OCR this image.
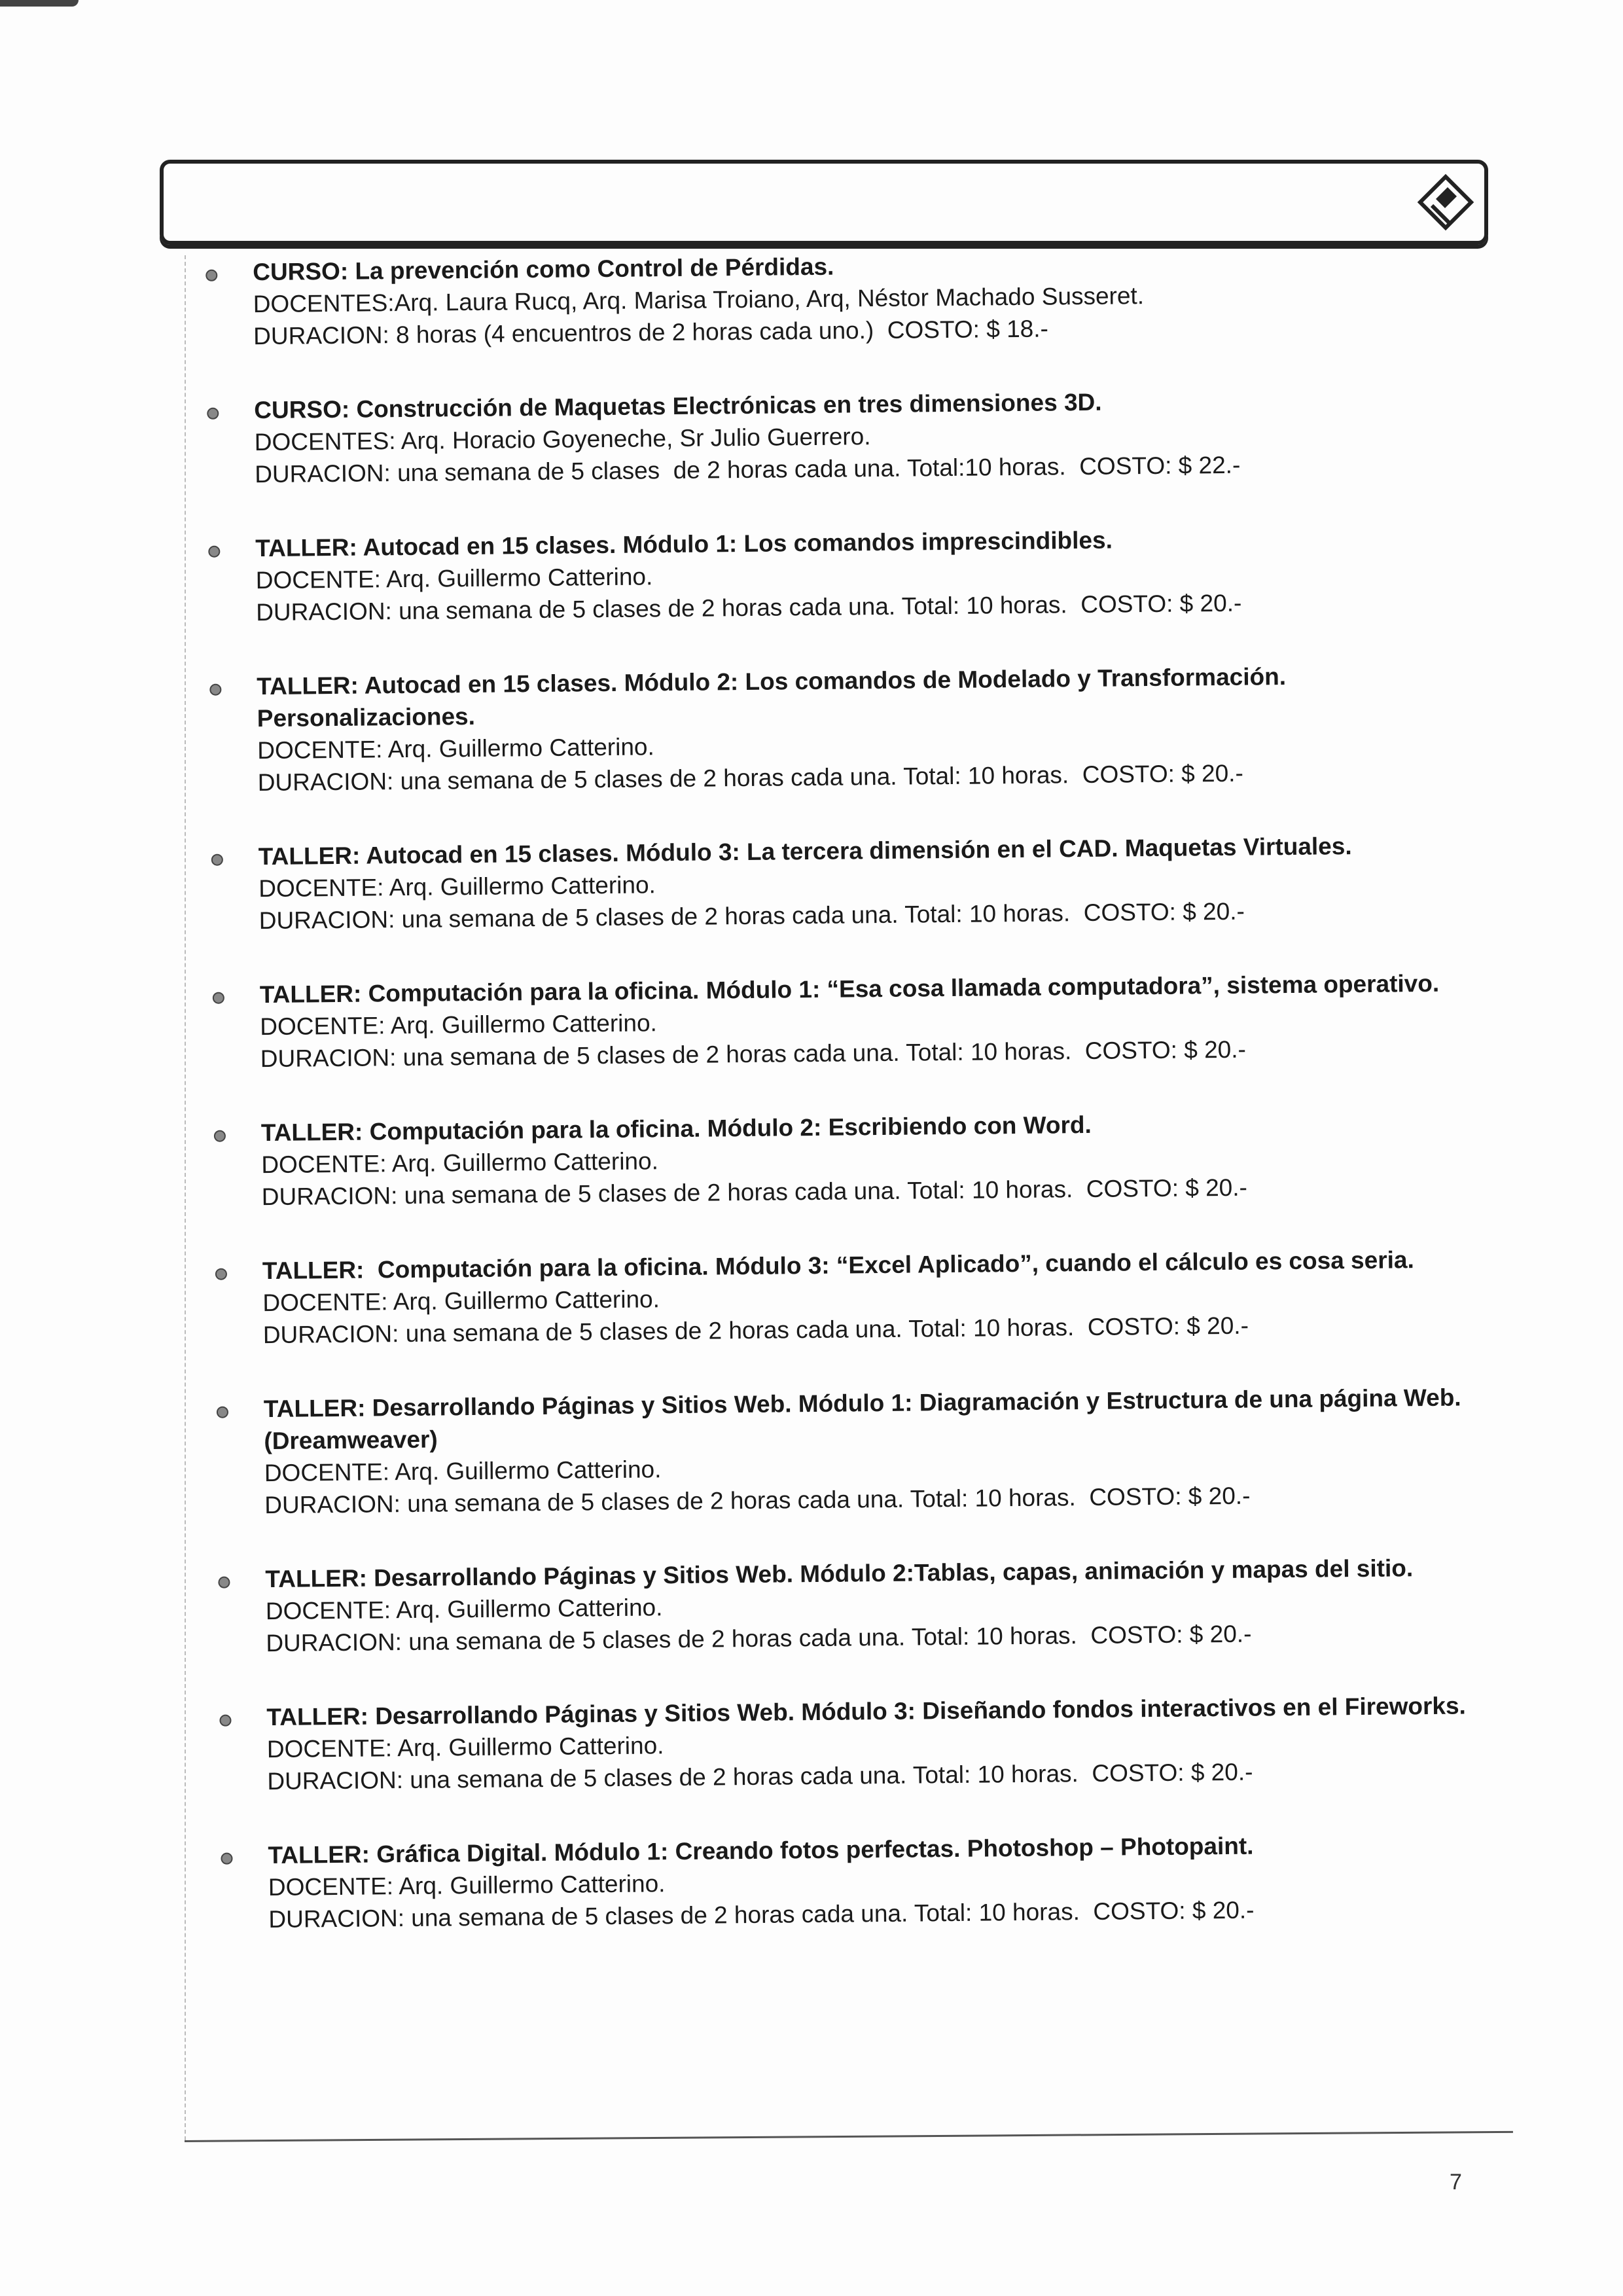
CURSO: La prevención como Control de Pérdidas.
DOCENTES:Arq. Laura Rucq, Arq. Marisa Troiano, Arq, Néstor Machado Susseret.
DURACION: 8 horas (4 encuentros de 2 horas cada uno.)  COSTO: $ 18.-
CURSO: Construcción de Maquetas Electrónicas en tres dimensiones 3D.
DOCENTES: Arq. Horacio Goyeneche, Sr Julio Guerrero.
DURACION: una semana de 5 clases  de 2 horas cada una. Total:10 horas.  COSTO: $ 22.-
TALLER: Autocad en 15 clases. Módulo 1: Los comandos imprescindibles.
DOCENTE: Arq. Guillermo Catterino.
DURACION: una semana de 5 clases de 2 horas cada una. Total: 10 horas.  COSTO: $ 20.-
TALLER: Autocad en 15 clases. Módulo 2: Los comandos de Modelado y Transformación. Personalizaciones.
DOCENTE: Arq. Guillermo Catterino.
DURACION: una semana de 5 clases de 2 horas cada una. Total: 10 horas.  COSTO: $ 20.-
TALLER: Autocad en 15 clases. Módulo 3: La tercera dimensión en el CAD. Maquetas Virtuales.
DOCENTE: Arq. Guillermo Catterino.
DURACION: una semana de 5 clases de 2 horas cada una. Total: 10 horas.  COSTO: $ 20.-
TALLER: Computación para la oficina. Módulo 1: “Esa cosa llamada computadora”, sistema operativo.
DOCENTE: Arq. Guillermo Catterino.
DURACION: una semana de 5 clases de 2 horas cada una. Total: 10 horas.  COSTO: $ 20.-
TALLER: Computación para la oficina. Módulo 2: Escribiendo con Word.
DOCENTE: Arq. Guillermo Catterino.
DURACION: una semana de 5 clases de 2 horas cada una. Total: 10 horas.  COSTO: $ 20.-
TALLER:  Computación para la oficina. Módulo 3: “Excel Aplicado”, cuando el cálculo es cosa seria.
DOCENTE: Arq. Guillermo Catterino.
DURACION: una semana de 5 clases de 2 horas cada una. Total: 10 horas.  COSTO: $ 20.-
TALLER: Desarrollando Páginas y Sitios Web. Módulo 1: Diagramación y Estructura de una página Web. (Dreamweaver)
DOCENTE: Arq. Guillermo Catterino.
DURACION: una semana de 5 clases de 2 horas cada una. Total: 10 horas.  COSTO: $ 20.-
TALLER: Desarrollando Páginas y Sitios Web. Módulo 2:Tablas, capas, animación y mapas del sitio.
DOCENTE: Arq. Guillermo Catterino.
DURACION: una semana de 5 clases de 2 horas cada una. Total: 10 horas.  COSTO: $ 20.-
TALLER: Desarrollando Páginas y Sitios Web. Módulo 3: Diseñando fondos interactivos en el Fireworks.
DOCENTE: Arq. Guillermo Catterino.
DURACION: una semana de 5 clases de 2 horas cada una. Total: 10 horas.  COSTO: $ 20.-
TALLER: Gráfica Digital. Módulo 1: Creando fotos perfectas. Photoshop – Photopaint.
DOCENTE: Arq. Guillermo Catterino.
DURACION: una semana de 5 clases de 2 horas cada una. Total: 10 horas.  COSTO: $ 20.-
7
